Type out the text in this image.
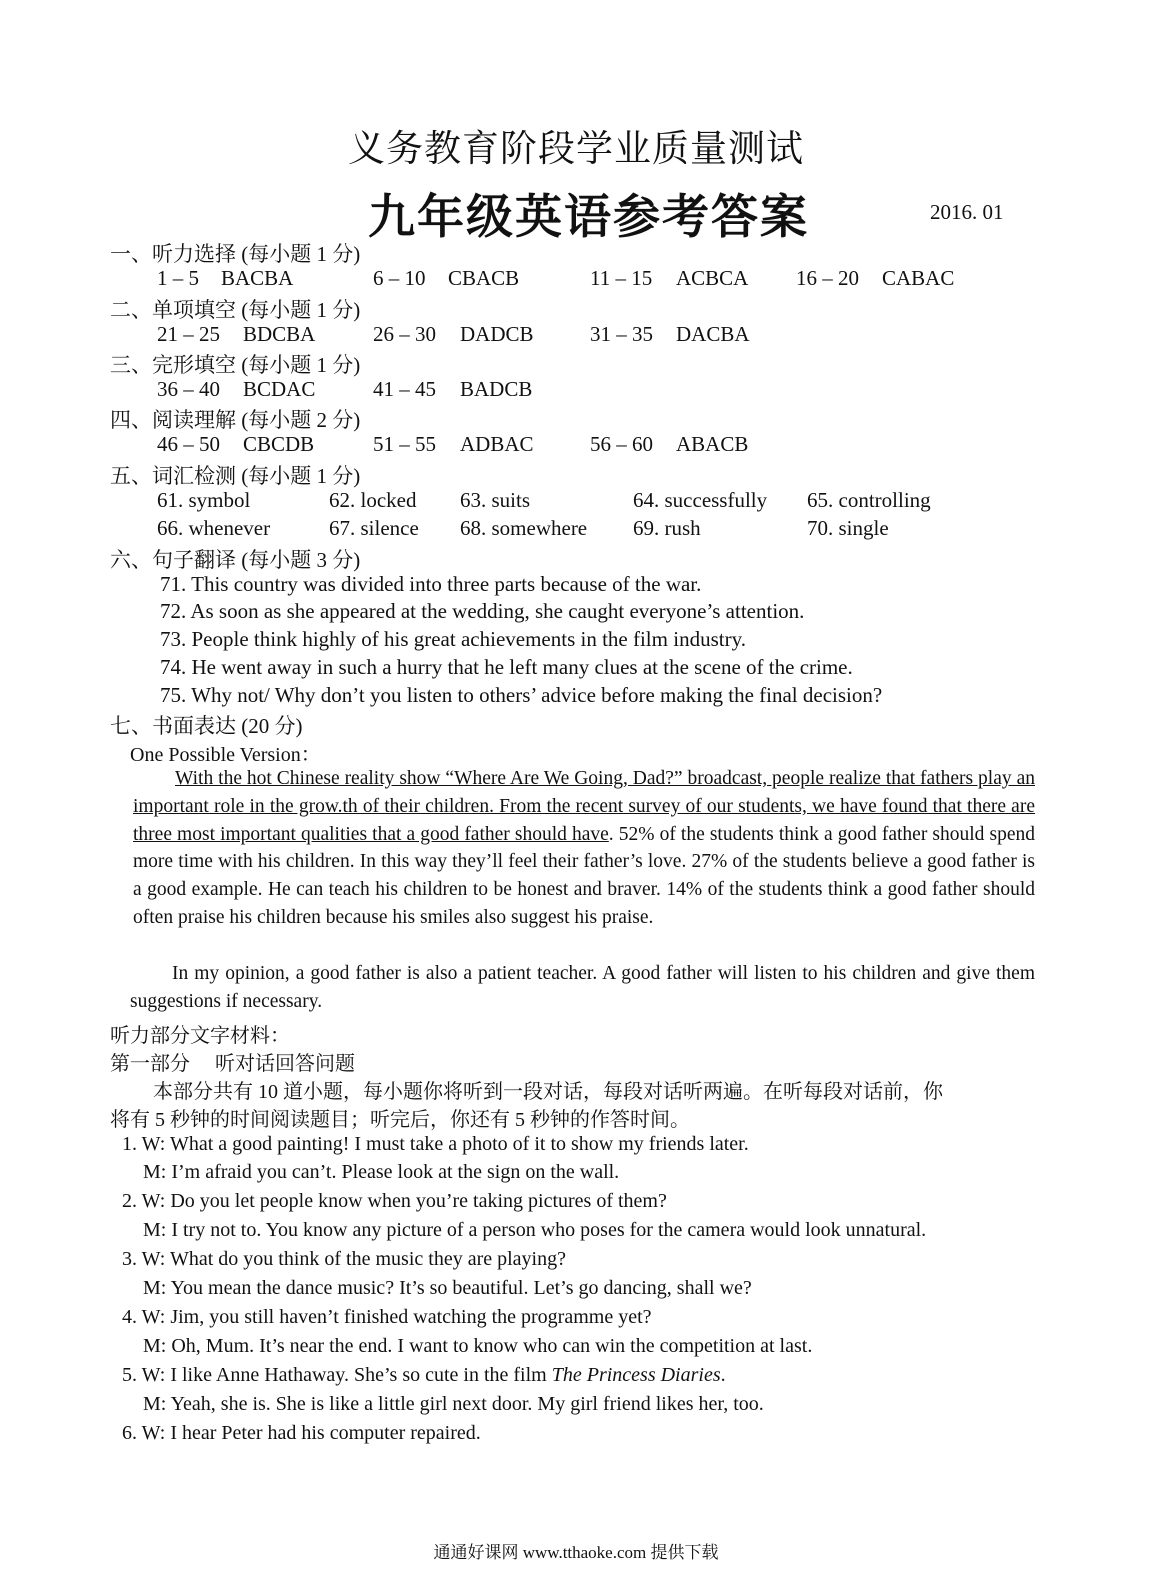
义务教育阶段学业质量测试
九年级英语参考答案	2016. 01
一、听力选择 (每小题 1 分)
1 – 5 BACBA	6 – 10 CBACB	11 – 15 ACBCA 16 – 20 CABAC
二、单项填空 (每小题 1 分)
21 – 25 BDCBA	26 – 30 DADCB	31 – 35 DACBA
三、完形填空 (每小题 1 分)
36 – 40 BCDAC	41 – 45 BADCB
四、阅读理解 (每小题 2 分)
46 – 50 CBCDB	51 – 55 ADBAC	56 – 60 ABACB
五、词汇检测 (每小题 1 分)
61. symbol	62. locked 63. suits	64. successfully 65. controlling
66. whenever	67. silence 68. somewhere 69. rush	70. single
六、句子翻译 (每小题 3 分)
71. This country was divided into three parts because of the war.
72. As soon as she appeared at the wedding, she caught everyone’s attention.
73. People think highly of his great achievements in the film industry.
74. He went away in such a hurry that he left many clues at the scene of the crime.
75. Why not/ Why don’t you listen to others’ advice before making the final decision?
七、书面表达 (20 分)
One Possible Version：
With the hot Chinese reality show “Where Are We Going, Dad?” broadcast, people realize that fathers play an important role in the grow.th of their children. From the recent survey of our students, we have found that there are three most important qualities that a good father should have. 52% of the students think a good father should spend more time with his children. In this way they’ll feel their father’s love. 27% of the students believe a good father is a good example. He can teach his children to be honest and braver. 14% of the students think a good father should often praise his children because his smiles also suggest his praise.
In my opinion, a good father is also a patient teacher. A good father will listen to his children and give them suggestions if necessary.
听力部分文字材料：
第一部分　 听对话回答问题
本部分共有 10 道小题，每小题你将听到一段对话，每段对话听两遍。在听每段对话前，你
将有 5 秒钟的时间阅读题目；听完后，你还有 5 秒钟的作答时间。
1. W: What a good painting! I must take a photo of it to show my friends later.
M: I’m afraid you can’t. Please look at the sign on the wall.
2. W: Do you let people know when you’re taking pictures of them?
M: I try not to. You know any picture of a person who poses for the camera would look unnatural.
3. W: What do you think of the music they are playing?
M: You mean the dance music? It’s so beautiful. Let’s go dancing, shall we?
4. W: Jim, you still haven’t finished watching the programme yet?
M: Oh, Mum. It’s near the end. I want to know who can win the competition at last.
5. W: I like Anne Hathaway. She’s so cute in the film The Princess Diaries.
M: Yeah, she is. She is like a little girl next door. My girl friend likes her, too.
6. W: I hear Peter had his computer repaired.
通通好课网 www.tthaoke.com 提供下载
